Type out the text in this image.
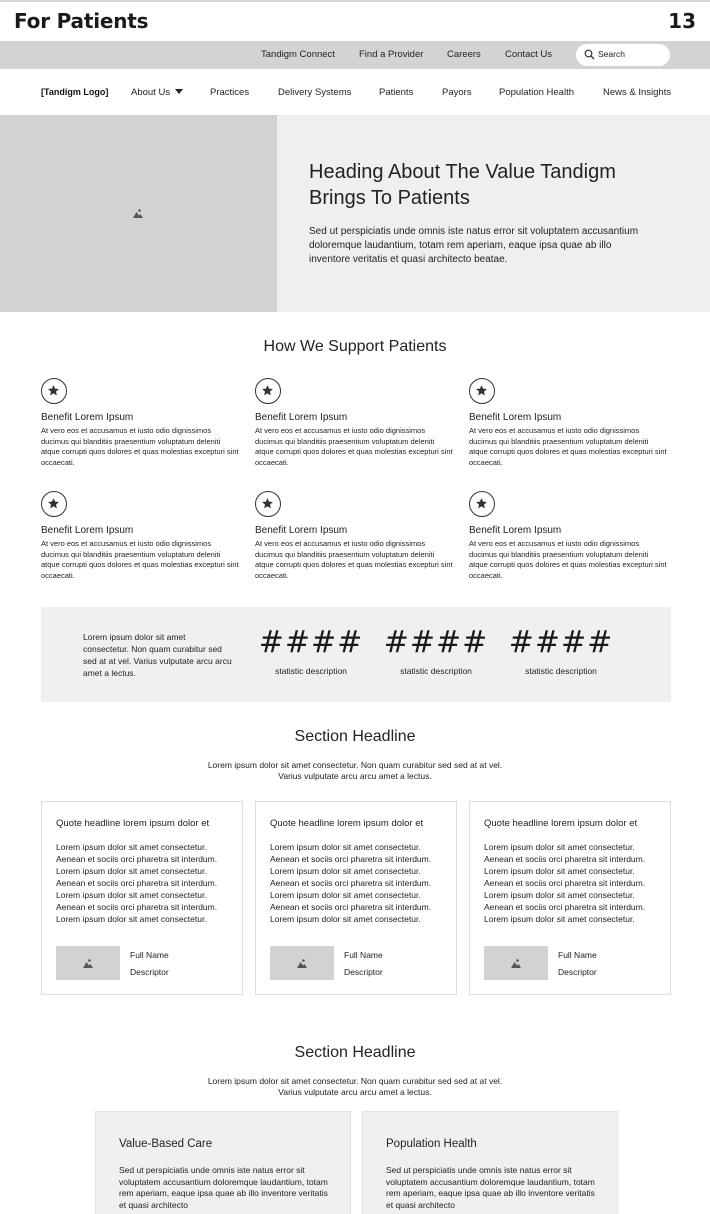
For Patients	13
Tandigm Connect	Find a Provider Careers	Contact Us	Search
[Tandigm Logo] About Us	Practices	Delivery Systems	Patients	Payors	Population Health	News & Insights
Heading About The Value Tandigm Brings To Patients
Sed ut perspiciatis unde omnis iste natus error sit voluptatem accusantium doloremque laudantium, totam rem aperiam, eaque ipsa quae ab illo inventore veritatis et quasi architecto beatae.
How We Support Patients
Benefit Lorem Ipsum
At vero eos et accusamus et iusto odio dignissimos ducimus qui blanditiis praesentium voluptatum deleniti atque corrupti quos dolores et quas molestias excepturi sint occaecati.
Benefit Lorem Ipsum
At vero eos et accusamus et iusto odio dignissimos ducimus qui blanditiis praesentium voluptatum deleniti atque corrupti quos dolores et quas molestias excepturi sint occaecati.
Benefit Lorem Ipsum
At vero eos et accusamus et iusto odio dignissimos ducimus qui blanditiis praesentium voluptatum deleniti atque corrupti quos dolores et quas molestias excepturi sint occaecati.
Benefit Lorem Ipsum
At vero eos et accusamus et iusto odio dignissimos ducimus qui blanditiis praesentium voluptatum deleniti atque corrupti quos dolores et quas molestias excepturi sint occaecati.
Benefit Lorem Ipsum
At vero eos et accusamus et iusto odio dignissimos ducimus qui blanditiis praesentium voluptatum deleniti atque corrupti quos dolores et quas molestias excepturi sint occaecati.
Benefit Lorem Ipsum
At vero eos et accusamus et iusto odio dignissimos ducimus qui blanditiis praesentium voluptatum deleniti atque corrupti quos dolores et quas molestias excepturi sint occaecati.
Lorem ipsum dolor sit amet consectetur. Non quam curabitur sed sed at at vel. Varius vulputate arcu arcu amet a lectus.
####
statistic description
####
statistic description
####
statistic description
Section Headline
Lorem ipsum dolor sit amet consectetur. Non quam curabitur sed sed at at vel. Varius vulputate arcu arcu amet a lectus.
Quote headline lorem ipsum dolor et
Lorem ipsum dolor sit amet consectetur. Aenean et sociis orci pharetra sit interdum. Lorem ipsum dolor sit amet consectetur. Aenean et sociis orci pharetra sit interdum. Lorem ipsum dolor sit amet consectetur. Aenean et sociis orci pharetra sit interdum. Lorem ipsum dolor sit amet consectetur.
Full Name
Descriptor
Quote headline lorem ipsum dolor et
Lorem ipsum dolor sit amet consectetur. Aenean et sociis orci pharetra sit interdum. Lorem ipsum dolor sit amet consectetur. Aenean et sociis orci pharetra sit interdum. Lorem ipsum dolor sit amet consectetur. Aenean et sociis orci pharetra sit interdum. Lorem ipsum dolor sit amet consectetur.
Full Name
Descriptor
Quote headline lorem ipsum dolor et
Lorem ipsum dolor sit amet consectetur. Aenean et sociis orci pharetra sit interdum. Lorem ipsum dolor sit amet consectetur. Aenean et sociis orci pharetra sit interdum. Lorem ipsum dolor sit amet consectetur. Aenean et sociis orci pharetra sit interdum. Lorem ipsum dolor sit amet consectetur.
Full Name
Descriptor
Section Headline
Lorem ipsum dolor sit amet consectetur. Non quam curabitur sed sed at at vel. Varius vulputate arcu arcu amet a lectus.
Value-Based Care
Sed ut perspiciatis unde omnis iste natus error sit voluptatem accusantium doloremque laudantium, totam rem aperiam, eaque ipsa quae ab illo inventore veritatis et quasi architecto
Population Health
Sed ut perspiciatis unde omnis iste natus error sit voluptatem accusantium doloremque laudantium, totam rem aperiam, eaque ipsa quae ab illo inventore veritatis et quasi architecto
